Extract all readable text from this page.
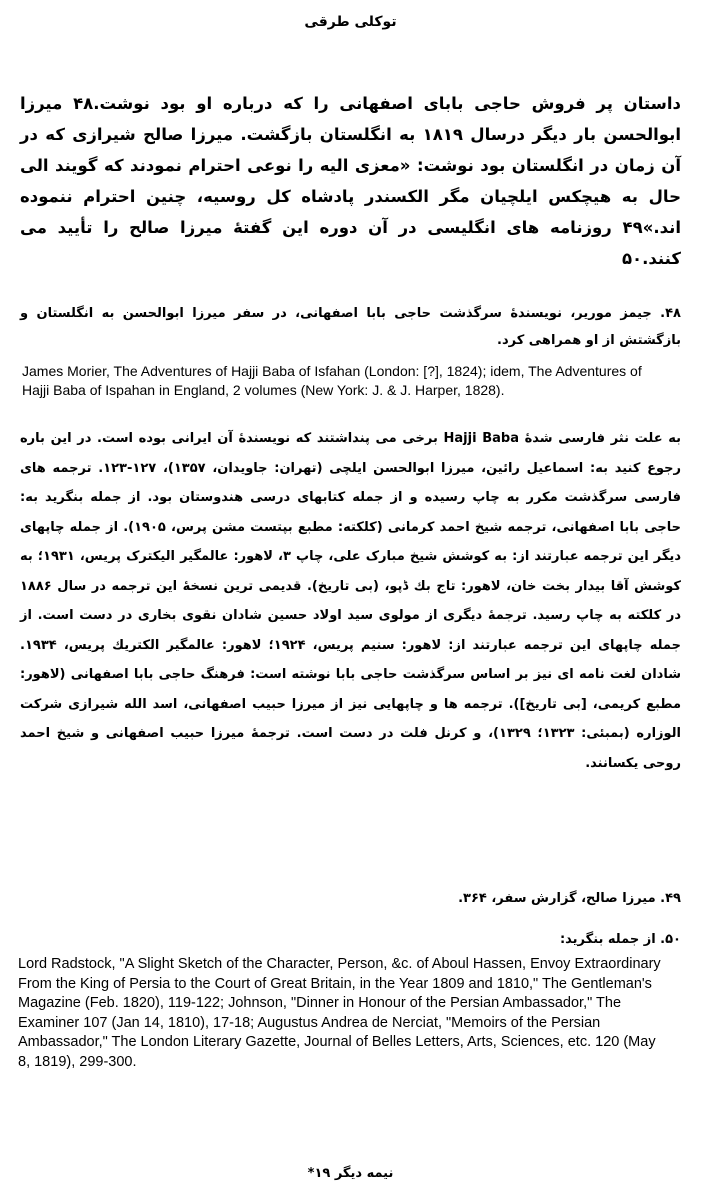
توکلی طرقی
داستان پر فروش حاجی بابای اصفهانی را که درباره او بود نوشت.۴۸ میرزا ابوالحسن بار دیگر درسال ۱۸۱۹ به انگلستان بازگشت. میرزا صالح شیرازی که در آن زمان در انگلستان بود نوشت: «معزی الیه را نوعی احترام نمودند که گویند الی حال به هیچکس ایلچیان مگر الکسندر پادشاه کل روسیه، چنین احترام ننموده اند.»۴۹ روزنامه های انگلیسی در آن دوره این گفتهٔ میرزا صالح را تأیید می کنند.۵۰
۴۸. جیمز موریر، نویسندهٔ سرگذشت حاجی بابا اصفهانی، در سفر میرزا ابوالحسن به انگلستان و بازگشتش از او همراهی کرد.
James Morier, The Adventures of Hajji Baba of Isfahan (London: [?], 1824); idem, The Adventures of Hajji Baba of Ispahan in England, 2 volumes (New York: J. & J. Harper, 1828).
به علت نثر فارسی شدهٔ Hajji Baba برخی می پنداشتند که نویسندهٔ آن ایرانی بوده است. در این باره رجوع کنید به: اسماعیل رائین، میرزا ابوالحسن ایلچی (تهران: جاویدان، ۱۳۵۷)، ۱۲۷-۱۲۳. ترجمه های فارسی سرگذشت مکرر به چاپ رسیده و از جمله کتابهای درسی هندوستان بود. از جمله بنگرید به: حاجی بابا اصفهانی، ترجمه شیخ احمد کرمانی (کلکته: مطبع بپتست مشن پرس، ۱۹۰۵). از جمله چاپهای دیگر این ترجمه عبارتند از: به کوشش شیخ مبارک علی، چاپ ۳، لاهور: عالمگیر الیکترک پریس، ۱۹۳۱؛ به کوشش آقا بیدار بخت خان، لاهور: تاج بك ڈپو، (بی تاریخ). قدیمی ترین نسخهٔ این ترجمه در سال ۱۸۸۶ در کلکته به چاپ رسید. ترجمهٔ دیگری از مولوی سید اولاد حسین شادان نقوی بخاری در دست است. از جمله چاپهای این ترجمه عبارتند از: لاهور: سنیم پریس، ۱۹۲۴؛ لاهور: عالمگیر الکتریك پریس، ۱۹۳۴. شادان لغت نامه ای نیز بر اساس سرگذشت حاجی بابا نوشته است: فرهنگ حاجی بابا اصفهانی (لاهور: مطبع کریمی، [بی تاریخ]). ترجمه ها و چاپهایی نیز از میرزا حبیب اصفهانی، اسد الله شیرازی شرکت الوزاره (بمبئی: ۱۳۲۳؛ ۱۳۲۹)، و کرنل فلت در دست است. ترجمهٔ میرزا حبیب اصفهانی و شیخ احمد روحی یکسانند.
۴۹. میرزا صالح، گزارش سفر، ۳۶۴.
۵۰. از جمله بنگرید:
Lord Radstock, "A Slight Sketch of the Character, Person, &c. of Aboul Hassen, Envoy Extraordinary From the King of Persia to the Court of Great Britain, in the Year 1809 and 1810," The Gentleman's Magazine (Feb. 1820), 119-122; Johnson, "Dinner in Honour of the Persian Ambassador," The Examiner 107 (Jan 14, 1810), 17-18; Augustus Andrea de Nerciat, "Memoirs of the Persian Ambassador," The London Literary Gazette, Journal of Belles Letters, Arts, Sciences, etc. 120 (May 8, 1819), 299-300.
نیمه دیگر ۱۹*
